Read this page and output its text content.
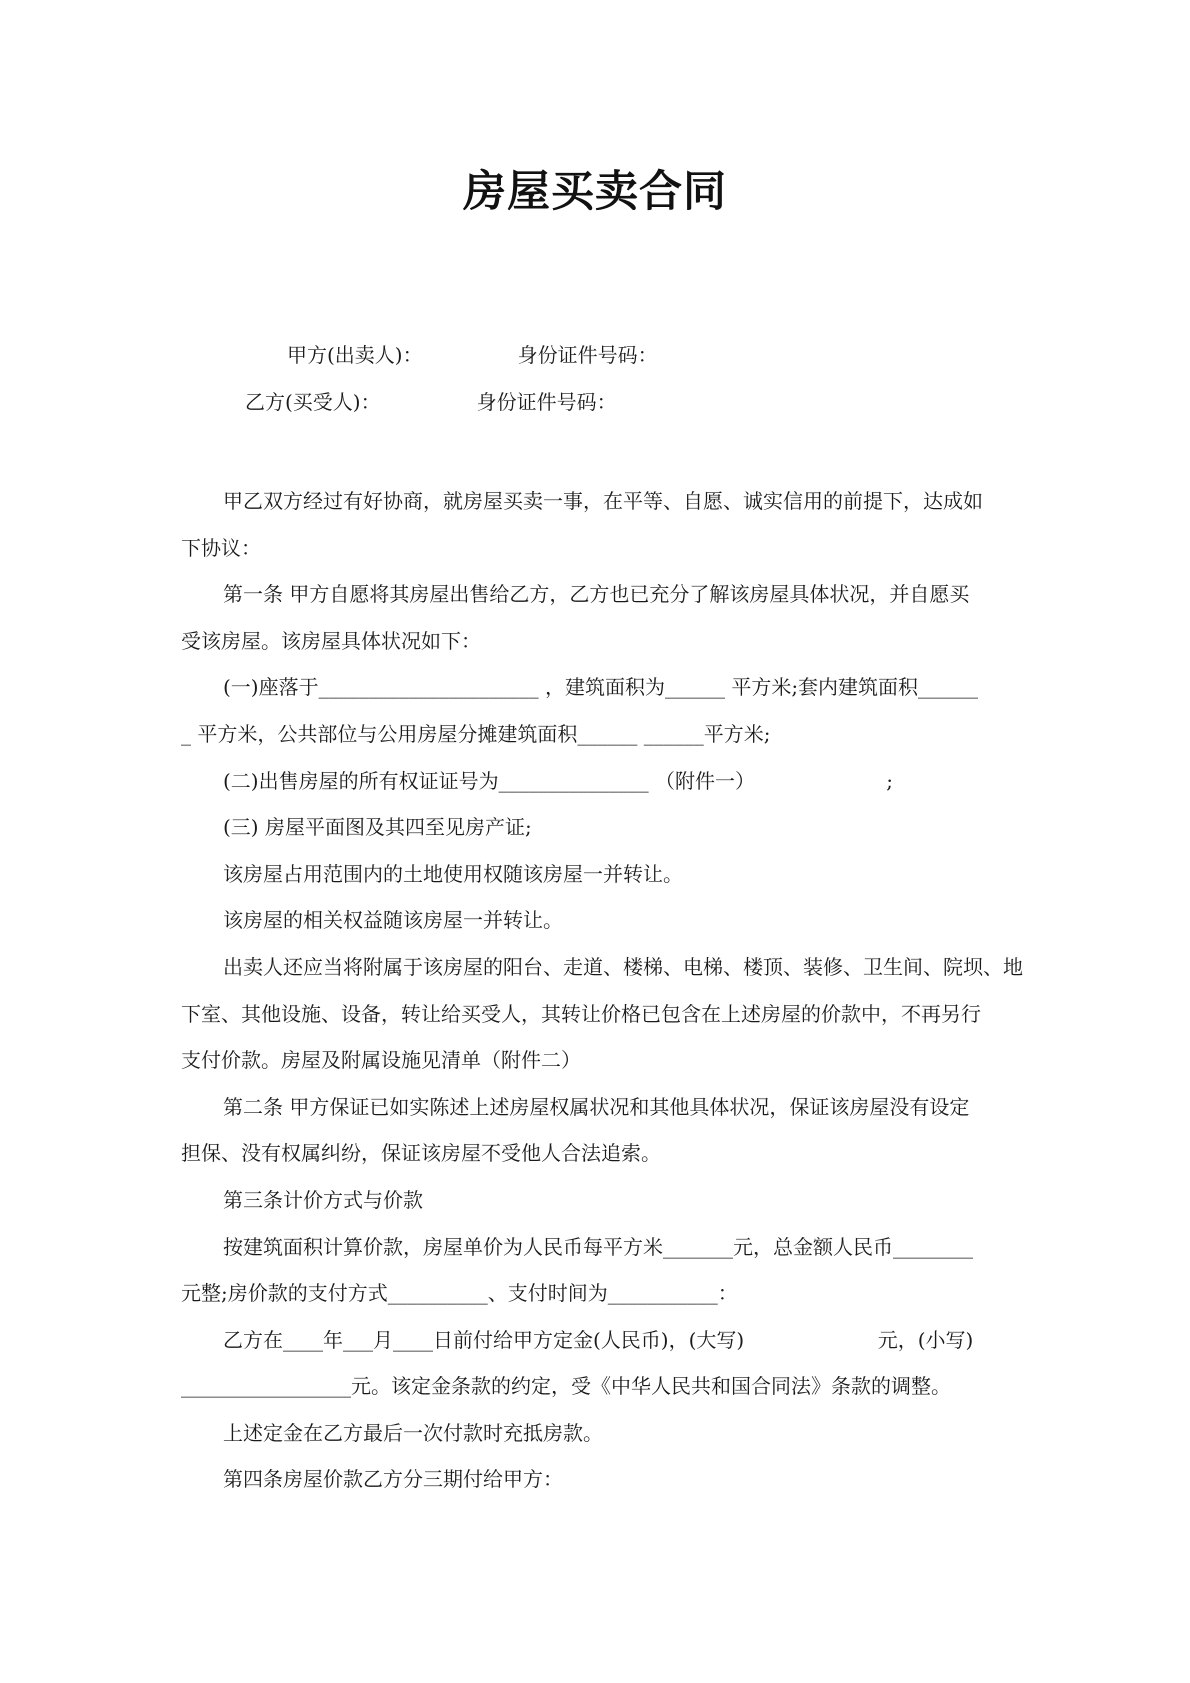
房屋买卖合同
甲方(出卖人)：	身份证件号码：
乙方(买受人)：	身份证件号码：

甲乙双方经过有好协商，就房屋买卖一事，在平等、自愿、诚实信用的前提下，达成如

下协议：

第一条 甲方自愿将其房屋出售给乙方，乙方也已充分了解该房屋具体状况，并自愿买

受该房屋。该房屋具体状况如下：

(一)座落于______________________ ，建筑面积为______ 平方米;套内建筑面积______

_ 平方米，公共部位与公用房屋分摊建筑面积______ ______平方米;

(二)出售房屋的所有权证证号为_______________ （附件一）	;

(三) 房屋平面图及其四至见房产证;

该房屋占用范围内的土地使用权随该房屋一并转让。

该房屋的相关权益随该房屋一并转让。

出卖人还应当将附属于该房屋的阳台、走道、楼梯、电梯、楼顶、装修、卫生间、院坝、地

下室、其他设施、设备，转让给买受人，其转让价格已包含在上述房屋的价款中，不再另行

支付价款。房屋及附属设施见清单（附件二）

第二条 甲方保证已如实陈述上述房屋权属状况和其他具体状况，保证该房屋没有设定

担保、没有权属纠纷，保证该房屋不受他人合法追索。

第三条计价方式与价款

按建筑面积计算价款，房屋单价为人民币每平方米_______元，总金额人民币________

元整;房价款的支付方式__________、支付时间为___________：

乙方在____年___月____日前付给甲方定金(人民币)，(大写)                     元，(小写)

_________________元。该定金条款的约定，受《中华人民共和国合同法》条款的调整。

上述定金在乙方最后一次付款时充抵房款。

第四条房屋价款乙方分三期付给甲方：
